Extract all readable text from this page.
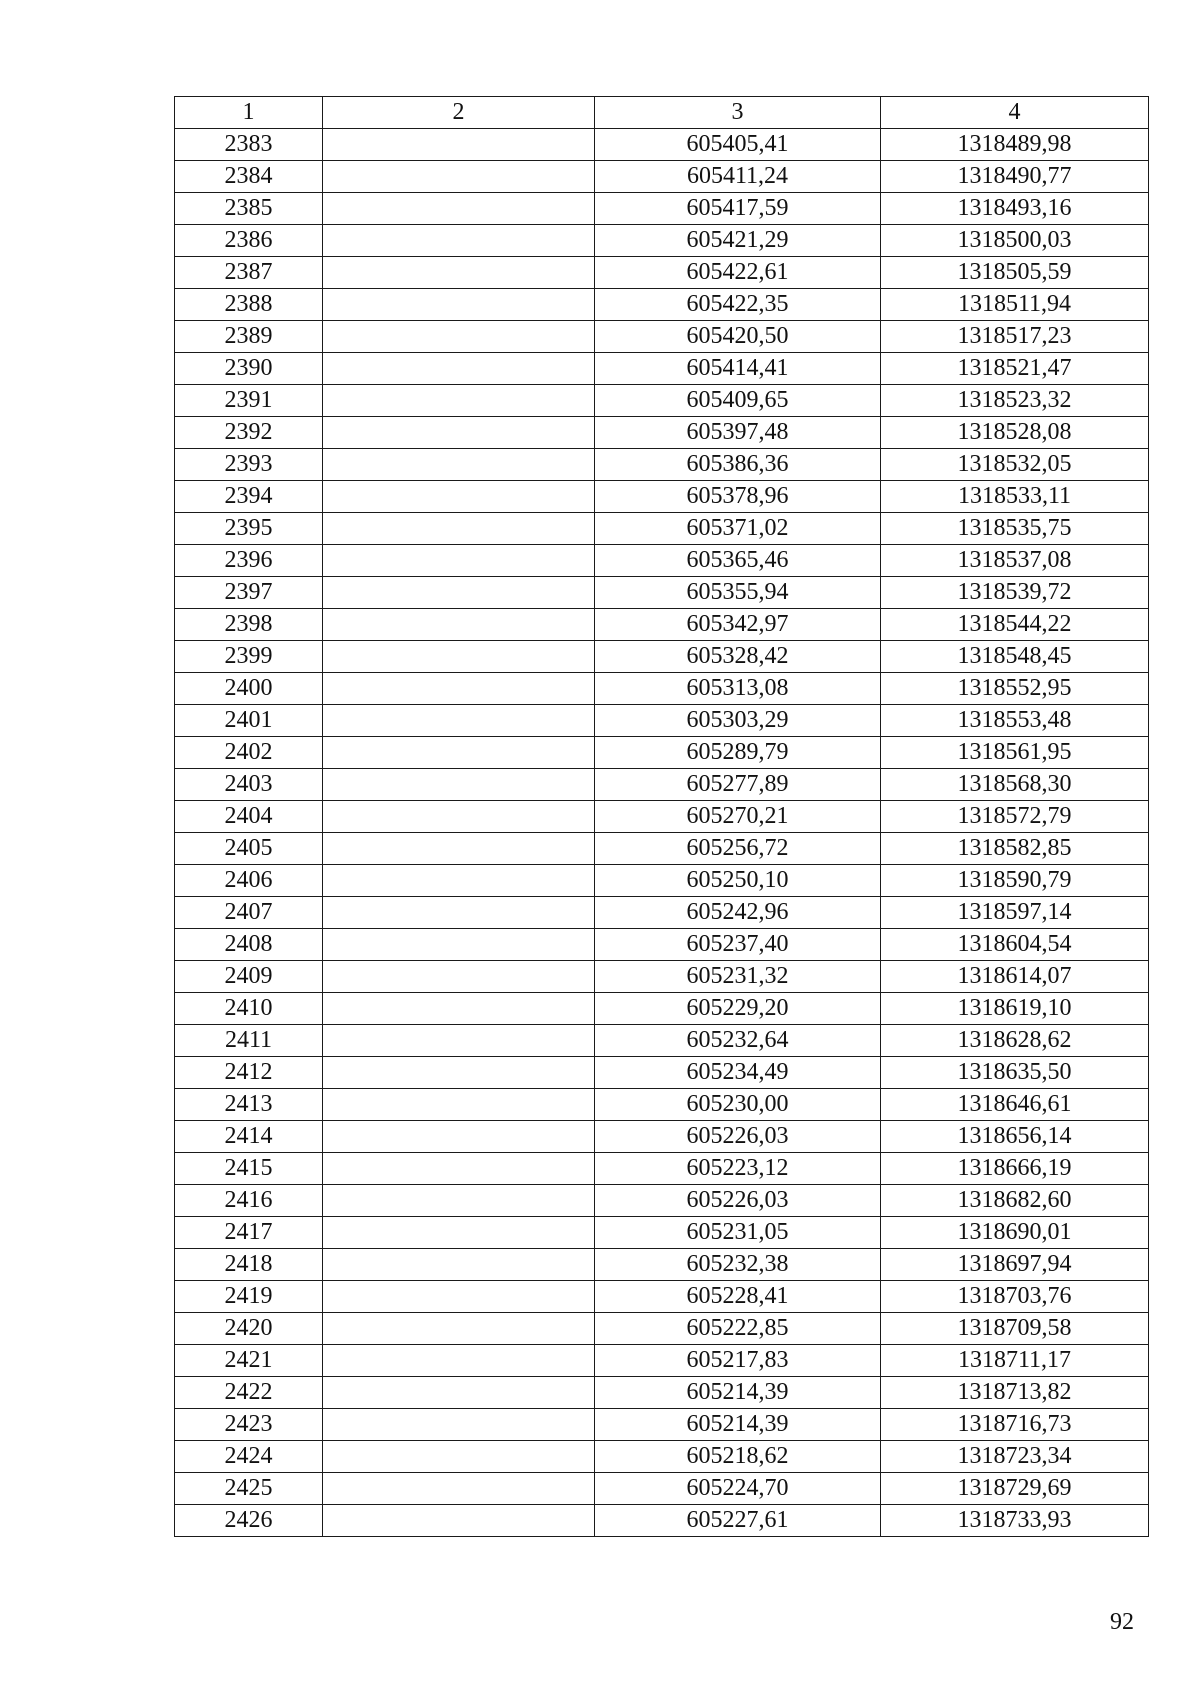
1	2	3	4
2383		605405,41	1318489,98
2384		605411,24	1318490,77
2385		605417,59	1318493,16
2386		605421,29	1318500,03
2387		605422,61	1318505,59
2388		605422,35	1318511,94
2389		605420,50	1318517,23
2390		605414,41	1318521,47
2391		605409,65	1318523,32
2392		605397,48	1318528,08
2393		605386,36	1318532,05
2394		605378,96	1318533,11
2395		605371,02	1318535,75
2396		605365,46	1318537,08
2397		605355,94	1318539,72
2398		605342,97	1318544,22
2399		605328,42	1318548,45
2400		605313,08	1318552,95
2401		605303,29	1318553,48
2402		605289,79	1318561,95
2403		605277,89	1318568,30
2404		605270,21	1318572,79
2405		605256,72	1318582,85
2406		605250,10	1318590,79
2407		605242,96	1318597,14
2408		605237,40	1318604,54
2409		605231,32	1318614,07
2410		605229,20	1318619,10
2411		605232,64	1318628,62
2412		605234,49	1318635,50
2413		605230,00	1318646,61
2414		605226,03	1318656,14
2415		605223,12	1318666,19
2416		605226,03	1318682,60
2417		605231,05	1318690,01
2418		605232,38	1318697,94
2419		605228,41	1318703,76
2420		605222,85	1318709,58
2421		605217,83	1318711,17
2422		605214,39	1318713,82
2423		605214,39	1318716,73
2424		605218,62	1318723,34
2425		605224,70	1318729,69
2426		605227,61	1318733,93
92
